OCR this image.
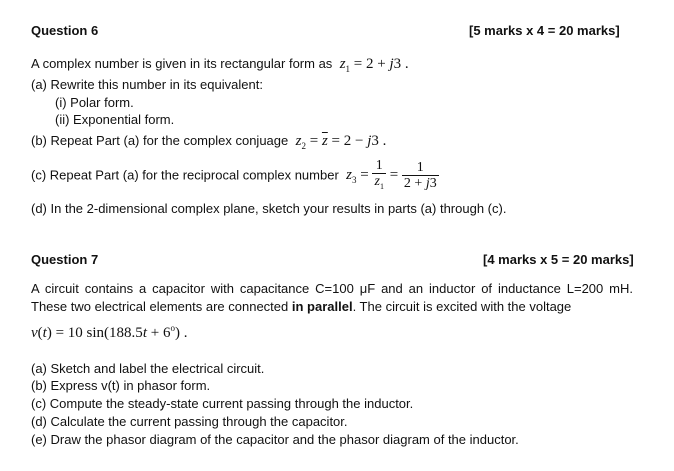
Question 6	[5 marks x 4 = 20 marks]
A complex number is given in its rectangular form as $z_1 = 2 + j3$ .
(a) Rewrite this number in its equivalent:
(i) Polar form.
(ii) Exponential form.
(b) Repeat Part (a) for the complex conjuage $z_2 = \overline{z} = 2 - j3$ .
(c) Repeat Part (a) for the reciprocal complex number $z_3 = \frac{1}{z_1} = \frac{1}{2 + j3}$
(d) In the 2-dimensional complex plane, sketch your results in parts (a) through (c).
Question 7	[4 marks x 5 = 20 marks]
A circuit contains a capacitor with capacitance C=100 μF and an inductor of inductance L=200 mH. These two electrical elements are connected in parallel. The circuit is excited with the voltage
v(t) = 10 $\sin(188.5t + 6^o)$ .
(a) Sketch and label the electrical circuit.
(b) Express v(t) in phasor form.
(c) Compute the steady-state current passing through the inductor.
(d) Calculate the current passing through the capacitor.
(e) Draw the phasor diagram of the capacitor and the phasor diagram of the inductor.
